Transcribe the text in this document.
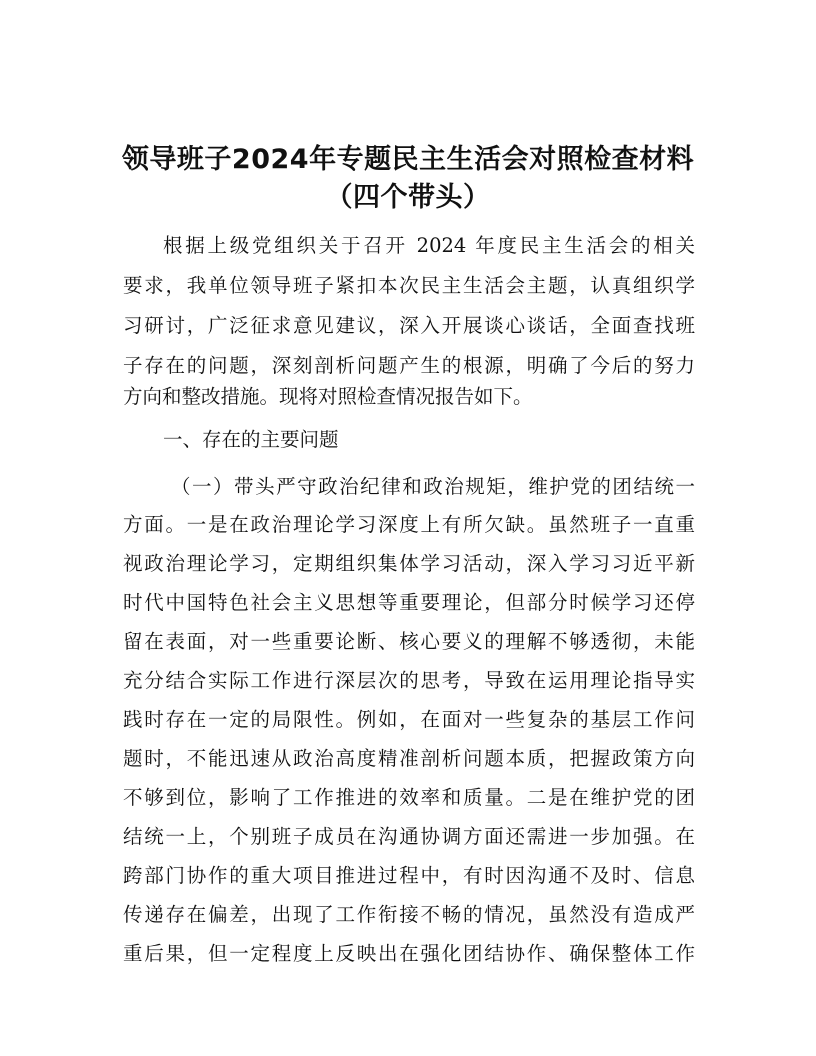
领导班子2024年专题民主生活会对照检查材料
（四个带头）
根据上级党组织关于召开 2024 年度民主生活会的相关
要求，我单位领导班子紧扣本次民主生活会主题，认真组织学
习研讨，广泛征求意见建议，深入开展谈心谈话，全面查找班
子存在的问题，深刻剖析问题产生的根源，明确了今后的努力
方向和整改措施。现将对照检查情况报告如下。
一、存在的主要问题
（一）带头严守政治纪律和政治规矩，维护党的团结统一
方面。一是在政治理论学习深度上有所欠缺。虽然班子一直重
视政治理论学习，定期组织集体学习活动，深入学习习近平新
时代中国特色社会主义思想等重要理论，但部分时候学习还停
留在表面，对一些重要论断、核心要义的理解不够透彻，未能
充分结合实际工作进行深层次的思考，导致在运用理论指导实
践时存在一定的局限性。例如，在面对一些复杂的基层工作问
题时，不能迅速从政治高度精准剖析问题本质，把握政策方向
不够到位，影响了工作推进的效率和质量。二是在维护党的团
结统一上，个别班子成员在沟通协调方面还需进一步加强。在
跨部门协作的重大项目推进过程中，有时因沟通不及时、信息
传递存在偏差，出现了工作衔接不畅的情况，虽然没有造成严
重后果，但一定程度上反映出在强化团结协作、确保整体工作
